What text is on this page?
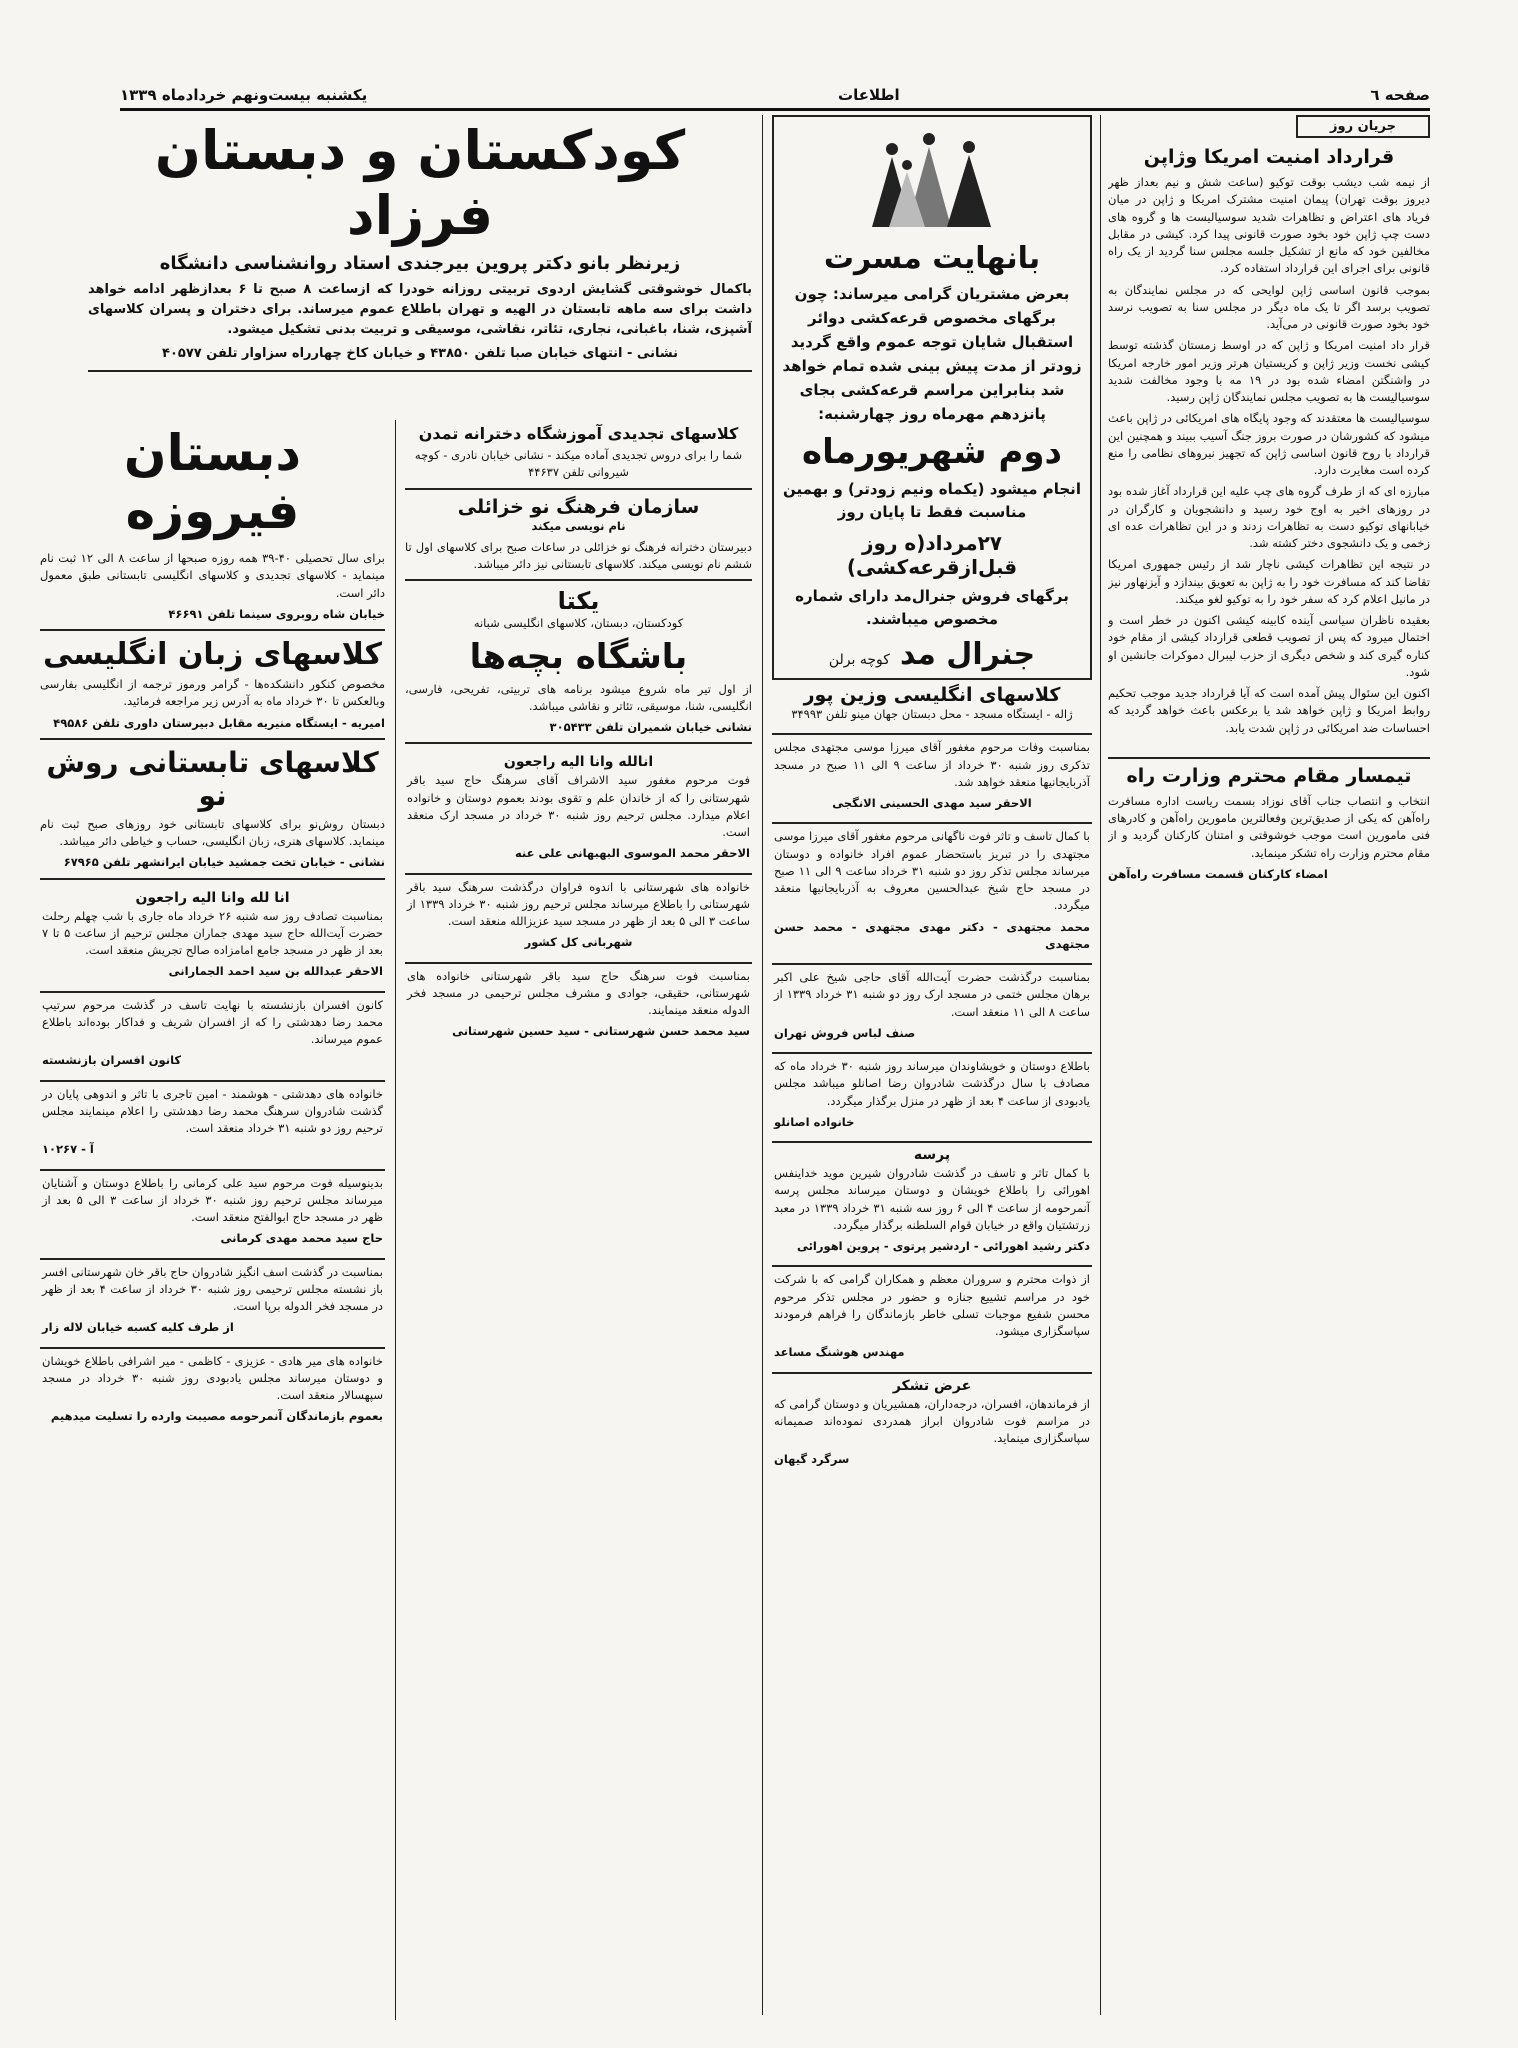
صفحه ٦
اطلاعات
یکشنبه بیست‌ونهم خردادماه ۱۳۳۹
جریان روز
قرارداد امنیت امریکا وژاپن

از نیمه شب دیشب بوقت توکیو (ساعت شش و نیم بعداز ظهر دیروز بوقت تهران) پیمان امنیت مشترک امریکا و ژاپن در میان فریاد های اعتراض و تظاهرات شدید سوسیالیست ها و گروه های دست چپ ژاپن خود بخود صورت قانونی پیدا کرد. کیشی در مقابل مخالفین خود که مانع از تشکیل جلسه مجلس سنا گردید از یک راه قانونی برای اجرای این قرارداد استفاده کرد.

بموجب قانون اساسی ژاپن لوایحی که در مجلس نمایندگان به تصویب برسد اگر تا یک ماه دیگر در مجلس سنا به تصویب نرسد خود بخود صورت قانونی در می‌آید.

قرار داد امنیت امریکا و ژاپن که در اوسط زمستان گذشته توسط کیشی نخست وزیر ژاپن و کریستیان هرتر وزیر امور خارجه امریکا در واشنگتن امضاء شده بود در ۱۹ مه با وجود مخالفت شدید سوسیالیست ها به تصویب مجلس نمایندگان ژاپن رسید.

سوسیالیست ها معتقدند که وجود پایگاه های امریکائی در ژاپن باعث میشود که کشورشان در صورت بروز جنگ آسیب ببیند و همچنین این قرارداد با روح قانون اساسی ژاپن که تجهیز نیروهای نظامی را منع کرده است مغایرت دارد.

مبارزه ای که از طرف گروه های چپ علیه این قرارداد آغاز شده بود در روزهای اخیر به اوج خود رسید و دانشجویان و کارگران در خیابانهای توکیو دست به تظاهرات زدند و در این تظاهرات عده ای زخمی و یک دانشجوی دختر کشته شد.

در نتیجه این تظاهرات کیشی ناچار شد از رئیس جمهوری امریکا تقاضا کند که مسافرت خود را به ژاپن به تعویق بیندازد و آیزنهاور نیز در مانیل اعلام کرد که سفر خود را به توکیو لغو میکند.

بعقیده ناظران سیاسی آینده کابینه کیشی اکنون در خطر است و احتمال میرود که پس از تصویب قطعی قرارداد کیشی از مقام خود کناره گیری کند و شخص دیگری از حزب لیبرال دموکرات جانشین او شود.

اکنون این سئوال پیش آمده است که آیا قرارداد جدید موجب تحکیم روابط امریکا و ژاپن خواهد شد یا برعکس باعث خواهد گردید که احساسات ضد امریکائی در ژاپن شدت یابد.

تیمسار مقام محترم وزارت راه

انتخاب و انتصاب جناب آقای نوزاد بسمت ریاست اداره مسافرت راه‌آهن که یکی از صدیق‌ترین وفعالترین مامورین راه‌آهن و کادرهای فنی مامورین است موجب خوشوقتی و امتنان کارکنان گردید و از مقام محترم وزارت راه تشکر مینماید.

امضاء کارکنان قسمت مسافرت راه‌آهن

بانهایت مسرت

بعرض مشتریان گرامی میرساند: چون برگهای مخصوص قرعه‌کشی دوائر استقبال شایان توجه عموم واقع گردید زودتر از مدت پیش بینی شده تمام خواهد شد بنابراین مراسم قرعه‌کشی بجای پانزدهم مهرماه روز چهارشنبه:

دوم شهریورماه

انجام میشود (یکماه ونیم زودتر) و بهمین مناسبت فقط تا پایان روز

۲۷مرداد(ه روز قبل‌ازقرعه‌کشی)

برگهای فروش جنرال‌مد دارای شماره مخصوص میباشند.

جنرال مد
کوچه برلن
کلاسهای انگلیسی وزین پور

ژاله - ایستگاه مسجد - محل دبستان جهان مینو تلفن ۳۴۹۹۳

بمناسبت وفات مرحوم مغفور آقای میرزا موسی مجتهدی مجلس تذکری روز شنبه ۳۰ خرداد از ساعت ۹ الی ۱۱ صبح در مسجد آذربایجانیها منعقد خواهد شد.

الاحقر سید مهدی الحسینی الانگجی

با کمال تاسف و تاثر فوت ناگهانی مرحوم مغفور آقای میرزا موسی مجتهدی را در تبریز باستحضار عموم افراد خانواده و دوستان میرساند مجلس تذکر روز دو شنبه ۳۱ خرداد ساعت ۹ الی ۱۱ صبح در مسجد حاج شیخ عبدالحسین معروف به آذربایجانیها منعقد میگردد.

محمد مجتهدی - دکتر مهدی مجتهدی - محمد حسن مجتهدی

بمناسبت درگذشت حضرت آیت‌الله آقای حاجی شیخ علی اکبر برهان مجلس ختمی در مسجد ارک روز دو شنبه ۳۱ خرداد ۱۳۳۹ از ساعت ۸ الی ۱۱ منعقد است.

صنف لباس فروش تهران

باطلاع دوستان و خویشاوندان میرساند روز شنبه ۳۰ خرداد ماه که مصادف با سال درگذشت شادروان رضا اصانلو میباشد مجلس یادبودی از ساعت ۴ بعد از ظهر در منزل برگذار میگردد.

خانواده اصانلو

پرسه

با کمال تاثر و تاسف در گذشت شادروان شیرین موید خداینفس اهورائی را باطلاع خویشان و دوستان میرساند مجلس پرسه آنمرحومه از ساعت ۴ الی ۶ روز سه شنبه ۳۱ خرداد ۱۳۳۹ در معبد زرتشتیان واقع در خیابان قوام السلطنه برگذار میگردد.

دکتر رشید اهورائی - اردشیر پرتوی - پروین اهورائی

از ذوات محترم و سروران معظم و همکاران گرامی که با شرکت خود در مراسم تشییع جنازه و حضور در مجلس تذکر مرحوم محسن شفیع موجبات تسلی خاطر بازماندگان را فراهم فرمودند سپاسگزاری میشود.

مهندس هوشنگ مساعد

عرض تشکر

از فرماندهان، افسران، درجه‌داران، همشیریان و دوستان گرامی که در مراسم فوت شادروان ابراز همدردی نموده‌اند صمیمانه سپاسگزاری مینماید.

سرگرد گیهان

کودکستان و دبستان فرزاد
زیرنظر بانو دکتر پروین بیرجندی استاد روانشناسی دانشگاه

باکمال خوشوقتی گشایش اردوی تربیتی روزانه خودرا که ازساعت ۸ صبح تا ۶ بعدازظهر ادامه خواهد داشت برای سه ماهه تابستان در الهیه و تهران باطلاع عموم میرساند. برای دختران و پسران کلاسهای آشپزی، شنا، باغبانی، نجاری، تئاتر، نقاشی، موسیقی و تربیت بدنی تشکیل میشود.

نشانی - انتهای خیابان صبا تلفن ۴۳۸۵۰ و خیابان کاخ چهارراه سزاوار تلفن ۴۰۵۷۷

دبستان فیروزه

برای سال تحصیلی ۴۰-۳۹ همه روزه صبحها از ساعت ۸ الی ۱۲ ثبت نام مینماید - کلاسهای تجدیدی و کلاسهای انگلیسی تابستانی طبق معمول دائر است.

خیابان شاه روبروی سینما تلفن ۴۶۶۹۱

کلاسهای زبان انگلیسی

مخصوص کنکور دانشکده‌ها - گرامر ورموز ترجمه از انگلیسی بفارسی وبالعکس تا ۳۰ خرداد ماه به آدرس زیر مراجعه فرمائید.

امیریه - ایستگاه منیریه مقابل دبیرستان داوری تلفن ۴۹۵۸۶

کلاسهای تابستانی روش نو

دبستان روش‌نو برای کلاسهای تابستانی خود روزهای صبح ثبت نام مینماید. کلاسهای هنری، زبان انگلیسی، حساب و خیاطی دائر میباشد.

نشانی - خیابان تخت جمشید خیابان ایرانشهر تلفن ۶۷۹۶۵

انا لله وانا الیه راجعون

بمناسبت تصادف روز سه شنبه ۲۶ خرداد ماه جاری با شب چهلم رحلت حضرت آیت‌الله حاج سید مهدی جماران مجلس ترحیم از ساعت ۵ تا ۷ بعد از ظهر در مسجد جامع امامزاده صالح تجریش منعقد است.

الاحقر عبدالله بن سید احمد الجمارانی

کانون افسران بازنشسته با نهایت تاسف در گذشت مرحوم سرتیپ محمد رضا دهدشتی را که از افسران شریف و فداکار بوده‌اند باطلاع عموم میرساند.

کانون افسران بازنشسته

خانواده های دهدشتی - هوشمند - امین تاجری با تاثر و اندوهی پایان در گذشت شادروان سرهنگ محمد رضا دهدشتی را اعلام مینمایند مجلس ترحیم روز دو شنبه ۳۱ خرداد منعقد است.

آ - ۱۰۲۶۷

بدینوسیله فوت مرحوم سید علی کرمانی را باطلاع دوستان و آشنایان میرساند مجلس ترحیم روز شنبه ۳۰ خرداد از ساعت ۳ الی ۵ بعد از ظهر در مسجد حاج ابوالفتح منعقد است.

حاج سید محمد مهدی کرمانی

بمناسبت در گذشت اسف انگیز شادروان حاج باقر خان شهرستانی افسر باز نشسته مجلس ترحیمی روز شنبه ۳۰ خرداد از ساعت ۴ بعد از ظهر در مسجد فخر الدوله برپا است.

از طرف کلیه کسبه خیابان لاله زار

خانواده های میر هادی - عزیزی - کاظمی - میر اشرافی باطلاع خویشان و دوستان میرساند مجلس یادبودی روز شنبه ۳۰ خرداد در مسجد سپهسالار منعقد است.

بعموم بازماندگان آنمرحومه مصیبت وارده را تسلیت میدهیم

کلاسهای تجدیدی آموزشگاه دخترانه تمدن

شما را برای دروس تجدیدی آماده میکند - نشانی خیابان نادری - کوچه شیروانی تلفن ۴۴۶۳۷

سازمان فرهنگ نو خزائلی

نام نویسی میکند

دبیرستان دخترانه فرهنگ نو خزائلی در ساعات صبح برای کلاسهای اول تا ششم نام نویسی میکند. کلاسهای تابستانی نیز دائر میباشد.

یکتا

کودکستان، دبستان، کلاسهای انگلیسی شبانه

باشگاه بچه‌ها

از اول تیر ماه شروع میشود برنامه های تربیتی، تفریحی، فارسی، انگلیسی، شنا، موسیقی، تئاتر و نقاشی میباشد.

نشانی خیابان شمیران تلفن ۳۰۵۴۳۳

انالله وانا الیه راجعون

فوت مرحوم مغفور سید الاشراف آقای سرهنگ حاج سید باقر شهرستانی را که از خاندان علم و تقوی بودند بعموم دوستان و خانواده اعلام میدارد. مجلس ترحیم روز شنبه ۳۰ خرداد در مسجد ارک منعقد است.

الاحقر محمد الموسوی البهبهانی علی عنه

خانواده های شهرستانی با اندوه فراوان درگذشت سرهنگ سید باقر شهرستانی را باطلاع میرساند مجلس ترحیم روز شنبه ۳۰ خرداد ۱۳۳۹ از ساعت ۳ الی ۵ بعد از ظهر در مسجد سید عزیزالله منعقد است.

شهربانی کل کشور

بمناسبت فوت سرهنگ حاج سید باقر شهرستانی خانواده های شهرستانی، حقیقی، جوادی و مشرف مجلس ترحیمی در مسجد فخر الدوله منعقد مینمایند.

سید محمد حسن شهرستانی - سید حسین شهرستانی
